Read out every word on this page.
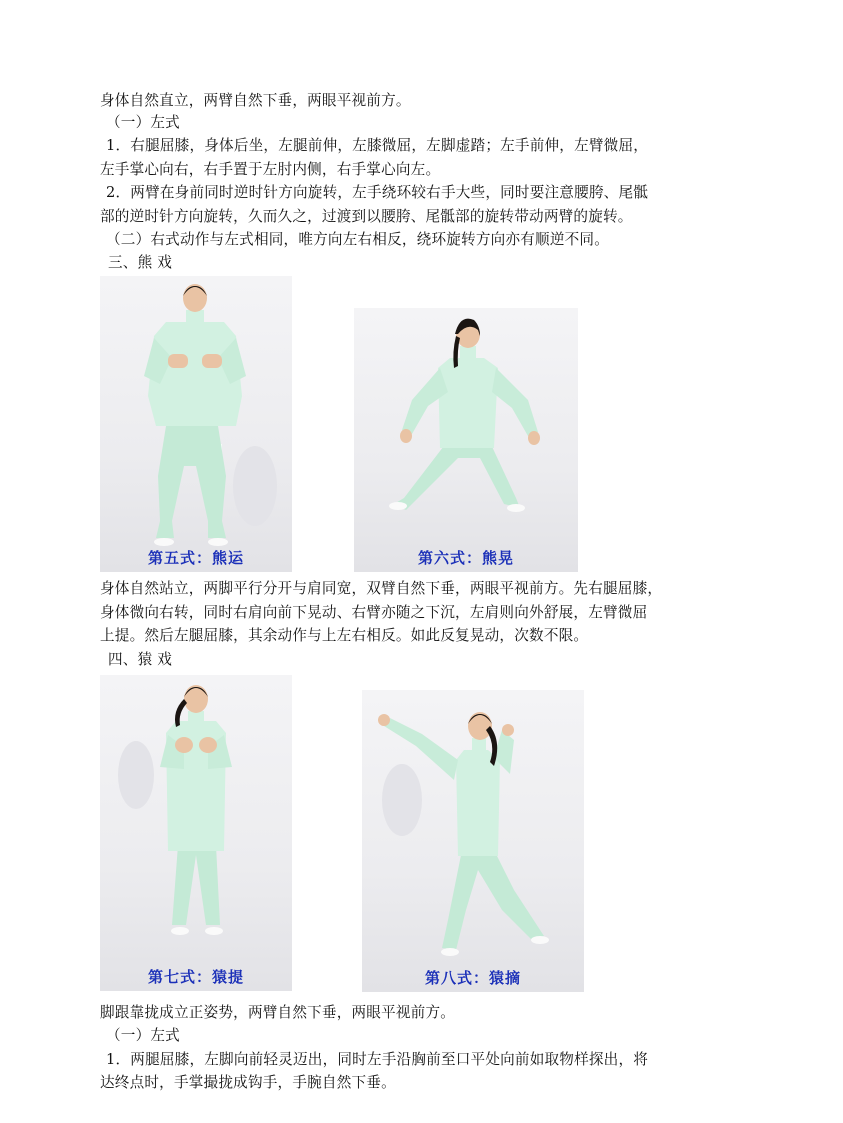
身体自然直立，两臂自然下垂，两眼平视前方。
（一）左式
1．右腿屈膝，身体后坐，左腿前伸，左膝微屈，左脚虚踏；左手前伸，左臂微屈，
左手掌心向右，右手置于左肘内侧，右手掌心向左。
2．两臂在身前同时逆时针方向旋转，左手绕环较右手大些，同时要注意腰胯、尾骶
部的逆时针方向旋转，久而久之，过渡到以腰胯、尾骶部的旋转带动两臂的旋转。
（二）右式动作与左式相同，唯方向左右相反，绕环旋转方向亦有顺逆不同。
三、熊 戏
第五式：熊运	第六式：熊晃
身体自然站立，两脚平行分开与肩同宽，双臂自然下垂，两眼平视前方。先右腿屈膝，
身体微向右转，同时右肩向前下晃动、右臂亦随之下沉，左肩则向外舒展，左臂微屈
上提。然后左腿屈膝，其余动作与上左右相反。如此反复晃动，次数不限。
四、猿 戏
第七式：猿提	第八式：猿摘
脚跟靠拢成立正姿势，两臂自然下垂，两眼平视前方。
（一）左式
1．两腿屈膝，左脚向前轻灵迈出，同时左手沿胸前至口平处向前如取物样探出，将
达终点时，手掌撮拢成钩手，手腕自然下垂。
